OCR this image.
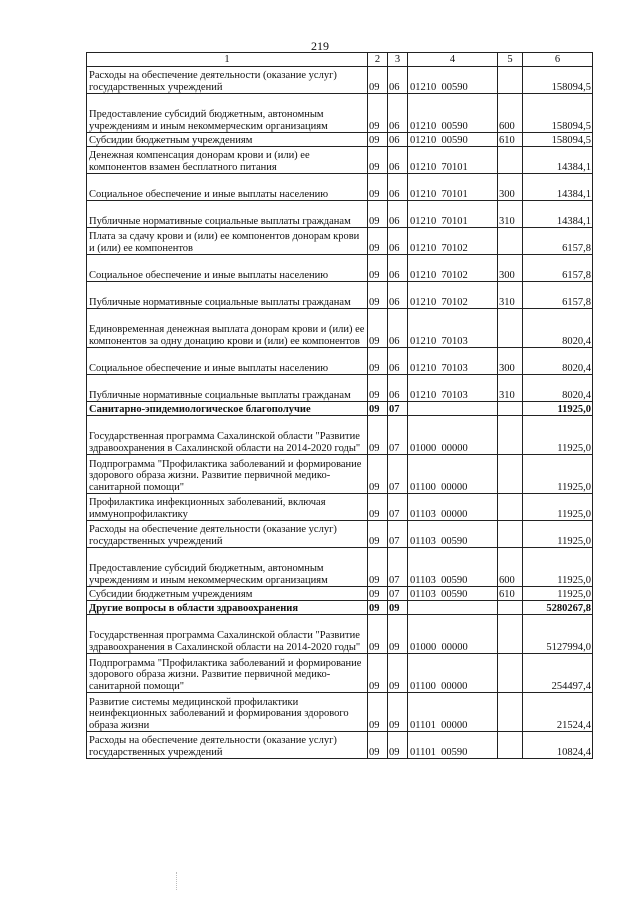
219
1	2	3	4	5	6
Расходы на обеспечение деятельности (оказание услуг) государственных учреждений	09	06	01210  00590		158094,5
Предоставление субсидий бюджетным, автономным учреждениям и иным некоммерческим организациям	09	06	01210  00590	600	158094,5
Субсидии бюджетным учреждениям	09	06	01210  00590	610	158094,5
Денежная компенсация донорам крови и (или) ее компонентов взамен бесплатного питания	09	06	01210  70101		14384,1
Социальное обеспечение и иные выплаты населению	09	06	01210  70101	300	14384,1
Публичные нормативные социальные выплаты гражданам	09	06	01210  70101	310	14384,1
Плата за сдачу крови и (или) ее компонентов донорам крови и (или) ее компонентов	09	06	01210  70102		6157,8
Социальное обеспечение и иные выплаты населению	09	06	01210  70102	300	6157,8
Публичные нормативные социальные выплаты гражданам	09	06	01210  70102	310	6157,8
Единовременная денежная выплата донорам крови и (или) ее компонентов за одну донацию крови и (или) ее компонентов	09	06	01210  70103		8020,4
Социальное обеспечение и иные выплаты населению	09	06	01210  70103	300	8020,4
Публичные нормативные социальные выплаты гражданам	09	06	01210  70103	310	8020,4
Санитарно-эпидемиологическое благополучие	09	07			11925,0
Государственная программа Сахалинской области "Развитие здравоохранения в Сахалинской области на 2014-2020 годы"	09	07	01000  00000		11925,0
Подпрограмма "Профилактика заболеваний и формирование здорового образа жизни. Развитие первичной медико-санитарной помощи"	09	07	01100  00000		11925,0
Профилактика инфекционных заболеваний, включая иммунопрофилактику	09	07	01103  00000		11925,0
Расходы на обеспечение деятельности (оказание услуг) государственных учреждений	09	07	01103  00590		11925,0
Предоставление субсидий бюджетным, автономным учреждениям и иным некоммерческим организациям	09	07	01103  00590	600	11925,0
Субсидии бюджетным учреждениям	09	07	01103  00590	610	11925,0
Другие вопросы в области здравоохранения	09	09			5280267,8
Государственная программа Сахалинской области "Развитие здравоохранения в Сахалинской области на 2014-2020 годы"	09	09	01000  00000		5127994,0
Подпрограмма "Профилактика заболеваний и формирование здорового образа жизни. Развитие первичной медико-санитарной помощи"	09	09	01100  00000		254497,4
Развитие системы медицинской профилактики неинфекционных заболеваний и формирования здорового образа жизни	09	09	01101  00000		21524,4
Расходы на обеспечение деятельности (оказание услуг) государственных учреждений	09	09	01101  00590		10824,4
